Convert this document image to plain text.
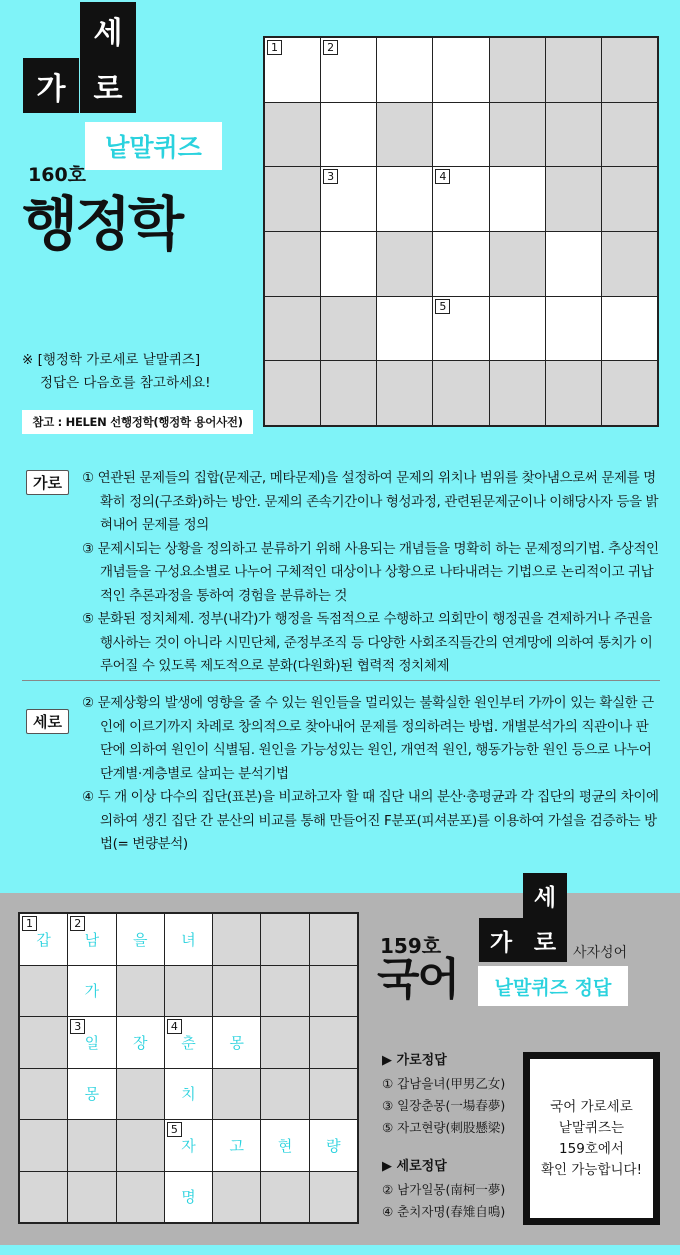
세
가 로
낱말퀴즈
160호
행정학
※ [행정학 가로세로 낱말퀴즈]
정답은 다음호를 참고하세요!
참고 : HELEN 선행정학(행정학 용어사전)
1	2
3	4
5
가로	① 연관된 문제들의 집합(문제군, 메타문제)을 설정하여 문제의 위치나 범위를 찾아냄으로써 문제를 명확히 정의(구조화)하는 방안. 문제의 존속기간이나 형성과정, 관련된문제군이나 이해당사자 등을 밝혀내어 문제를 정의
③ 문제시되는 상황을 정의하고 분류하기 위해 사용되는 개념들을 명확히 하는 문제정의기법. 추상적인 개념들을 구성요소별로 나누어 구체적인 대상이나 상황으로 나타내려는 기법으로 논리적이고 귀납적인 추론과정을 통하여 경험을 분류하는 것
⑤ 분화된 정치체제. 정부(내각)가 행정을 독점적으로 수행하고 의회만이 행정권을 견제하거나 주권을 행사하는 것이 아니라 시민단체, 준정부조직 등 다양한 사회조직들간의 연계망에 의하여 통치가 이루어질 수 있도록 제도적으로 분화(다원화)된 협력적 정치체제
세로
② 문제상황의 발생에 영향을 줄 수 있는 원인들을 멀리있는 불확실한 원인부터 가까이 있는 확실한 근인에 이르기까지 차례로 창의적으로 찾아내어 문제를 정의하려는 방법. 개별분석가의 직관이나 판단에 의하여 원인이 식별됨. 원인을 가능성있는 원인, 개연적 원인, 행동가능한 원인 등으로 나누어 단계별·계층별로 살피는 분석기법
④ 두 개 이상 다수의 집단(표본)을 비교하고자 할 때 집단 내의 분산·총평균과 각 집단의 평균의 차이에 의하여 생긴 집단 간 분산의 비교를 통해 만들어진 F분포(피셔분포)를 이용하여 가설을 검증하는 방법(= 변량분석)
갑
1
남
2
을	녀
가
일
3
장	춘
4
몽
몽	치
자
5
고	현	량
명
159호
국어
세
가 로	사자성어
낱말퀴즈 정답
▶ 가로정답
① 갑남을녀(甲男乙女)
③ 일장춘몽(一場春夢)
⑤ 자고현량(刺股懸梁)
▶ 세로정답
② 남가일몽(南柯一夢)
④ 춘치자명(春雉自鳴)
국어 가로세로
낱말퀴즈는
159호에서
확인 가능합니다!
